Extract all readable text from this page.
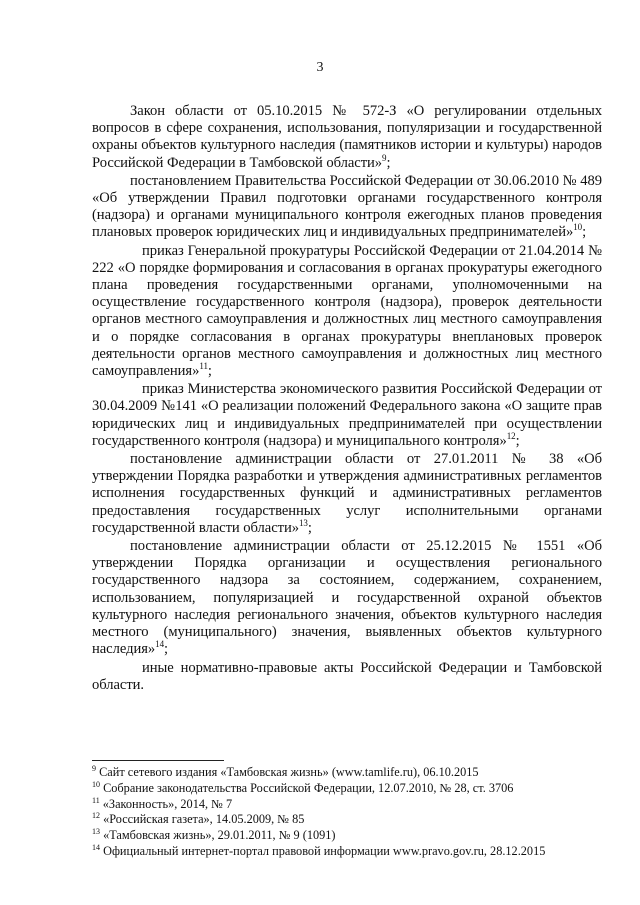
3

Закон области от 05.10.2015 № 572-З «О регулировании отдельных вопросов в сфере сохранения, использования, популяризации и государственной охраны объектов культурного наследия (памятников истории и культуры) народов Российской Федерации в Тамбовской области»$^9$;

постановлением Правительства Российской Федерации от 30.06.2010 № 489 «Об утверждении Правил подготовки органами государственного контроля (надзора) и органами муниципального контроля ежегодных планов проведения плановых проверок юридических лиц и индивидуальных предпринимателей»$^{10}$;

приказ Генеральной прокуратуры Российской Федерации от 21.04.2014 № 222 «О порядке формирования и согласования в органах прокуратуры ежегодного плана проведения государственными органами, уполномоченными на осуществление государственного контроля (надзора), проверок деятельности органов местного самоуправления и должностных лиц местного самоуправления и о порядке согласования в органах прокуратуры внеплановых проверок деятельности органов местного самоуправления и должностных лиц местного самоуправления»$^{11}$;

приказ Министерства экономического развития Российской Федерации от 30.04.2009 №141 «О реализации положений Федерального закона «О защите прав юридических лиц и индивидуальных предпринимателей при осуществлении государственного контроля (надзора) и муниципального контроля»$^{12}$;

постановление администрации области от 27.01.2011 № 38 «Об утверждении Порядка разработки и утверждения административных регламентов исполнения государственных функций и административных регламентов предоставления государственных услуг исполнительными органами государственной власти области»$^{13}$;

постановление администрации области от 25.12.2015 № 1551 «Об утверждении Порядка организации и осуществления регионального государственного надзора за состоянием, содержанием, сохранением, использованием, популяризацией и государственной охраной объектов культурного наследия регионального значения, объектов культурного наследия местного (муниципального) значения, выявленных объектов культурного наследия»$^{14}$;

иные нормативно-правовые акты Российской Федерации и Тамбовской области.

$^9$ Сайт сетевого издания «Тамбовская жизнь» (www.tamlife.ru), 06.10.2015
$^{10}$ Собрание законодательства Российской Федерации, 12.07.2010, № 28, ст. 3706
$^{11}$ «Законность», 2014, № 7
$^{12}$ «Российская газета», 14.05.2009, № 85
$^{13}$ «Тамбовская жизнь», 29.01.2011, № 9 (1091)
$^{14}$ Официальный интернет-портал правовой информации www.pravo.gov.ru, 28.12.2015
